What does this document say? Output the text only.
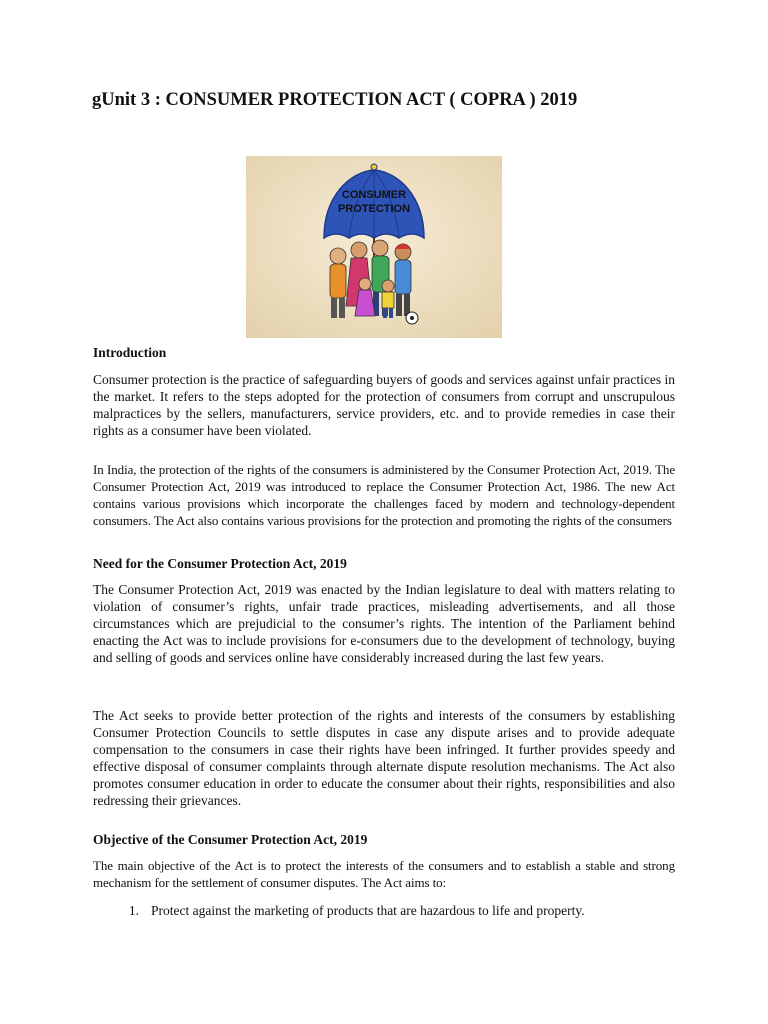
gUnit 3 : CONSUMER PROTECTION ACT ( COPRA ) 2019
CONSUMER
PROTECTION
Introduction

Consumer protection is the practice of safeguarding buyers of goods and services against unfair practices in the market. It refers to the steps adopted for the protection of consumers from corrupt and unscrupulous malpractices by the sellers, manufacturers, service providers, etc. and to provide remedies in case their rights as a consumer have been violated.

In India, the protection of the rights of the consumers is administered by the Consumer Protection Act, 2019. The Consumer Protection Act, 2019 was introduced to replace the Consumer Protection Act, 1986. The new Act contains various provisions which incorporate the challenges faced by modern and technology-dependent consumers. The Act also contains various provisions for the protection and promoting the rights of the consumers

Need for the Consumer Protection Act, 2019

The Consumer Protection Act, 2019 was enacted by the Indian legislature to deal with matters relating to violation of consumer’s rights, unfair trade practices, misleading advertisements, and all those circumstances which are prejudicial to the consumer’s rights. The intention of the Parliament behind enacting the Act was to include provisions for e-consumers due to the development of technology, buying and selling of goods and services online have considerably increased during the last few years.

The Act seeks to provide better protection of the rights and interests of the consumers by establishing Consumer Protection Councils to settle disputes in case any dispute arises and to provide adequate compensation to the consumers in case their rights have been infringed. It further provides speedy and effective disposal of consumer complaints through alternate dispute resolution mechanisms. The Act also promotes consumer education in order to educate the consumer about their rights, responsibilities and also redressing their grievances.

Objective of the Consumer Protection Act, 2019

The main objective of the Act is to protect the interests of the consumers and to establish a stable and strong mechanism for the settlement of consumer disputes. The Act aims to:

1. Protect against the marketing of products that are hazardous to life and property.
